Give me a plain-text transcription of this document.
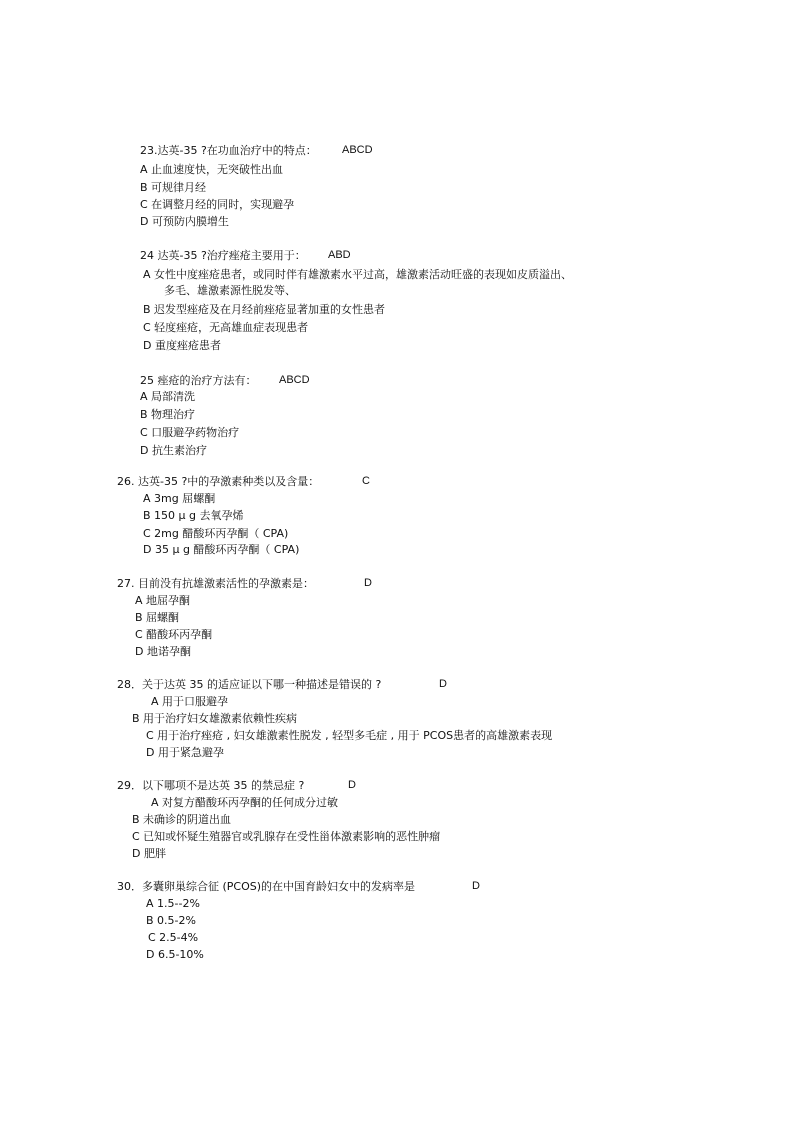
23.达英-35 ?在功血治疗中的特点： ABCD
A 止血速度快，无突破性出血
B 可规律月经
C 在调整月经的同时，实现避孕
D 可预防内膜增生
24 达英-35 ?治疗痤疮主要用于： ABD
A 女性中度痤疮患者，或同时伴有雄激素水平过高，雄激素活动旺盛的表现如皮质溢出、
多毛、雄激素源性脱发等、
B 迟发型痤疮及在月经前痤疮显著加重的女性患者
C 轻度痤疮，无高雄血症表现患者
D 重度痤疮患者
25 痤疮的治疗方法有： ABCD
A 局部清洗
B 物理治疗
C 口服避孕药物治疗
D 抗生素治疗
26. 达英-35 ?中的孕激素种类以及含量：	C
A 3mg 屈螺酮
B 150 μ g 去氧孕烯
C 2mg 醋酸环丙孕酮（ CPA)
D 35 μ g 醋酸环丙孕酮（ CPA)
27. 目前没有抗雄激素活性的孕激素是：	D
A 地屈孕酮
B 屈螺酮
C 醋酸环丙孕酮
D 地诺孕酮
28．关于达英 35 的适应证以下哪一种描述是错误的 ?	D
A 用于口服避孕
B 用于治疗妇女雄激素依赖性疾病
C 用于治疗痤疮 , 妇女雄激素性脱发 , 轻型多毛症 , 用于 PCOS患者的高雄激素表现
D 用于紧急避孕
29．以下哪项不是达英 35 的禁忌症 ?	D
A 对复方醋酸环丙孕酮的任何成分过敏
B 未确诊的阴道出血
C 已知或怀疑生殖器官或乳腺存在受性甾体激素影响的恶性肿瘤
D 肥胖
30．多囊卵巢综合征 (PCOS)的在中国育龄妇女中的发病率是	D
A 1.5--2%
B 0.5-2%
C 2.5-4%
D 6.5-10%
